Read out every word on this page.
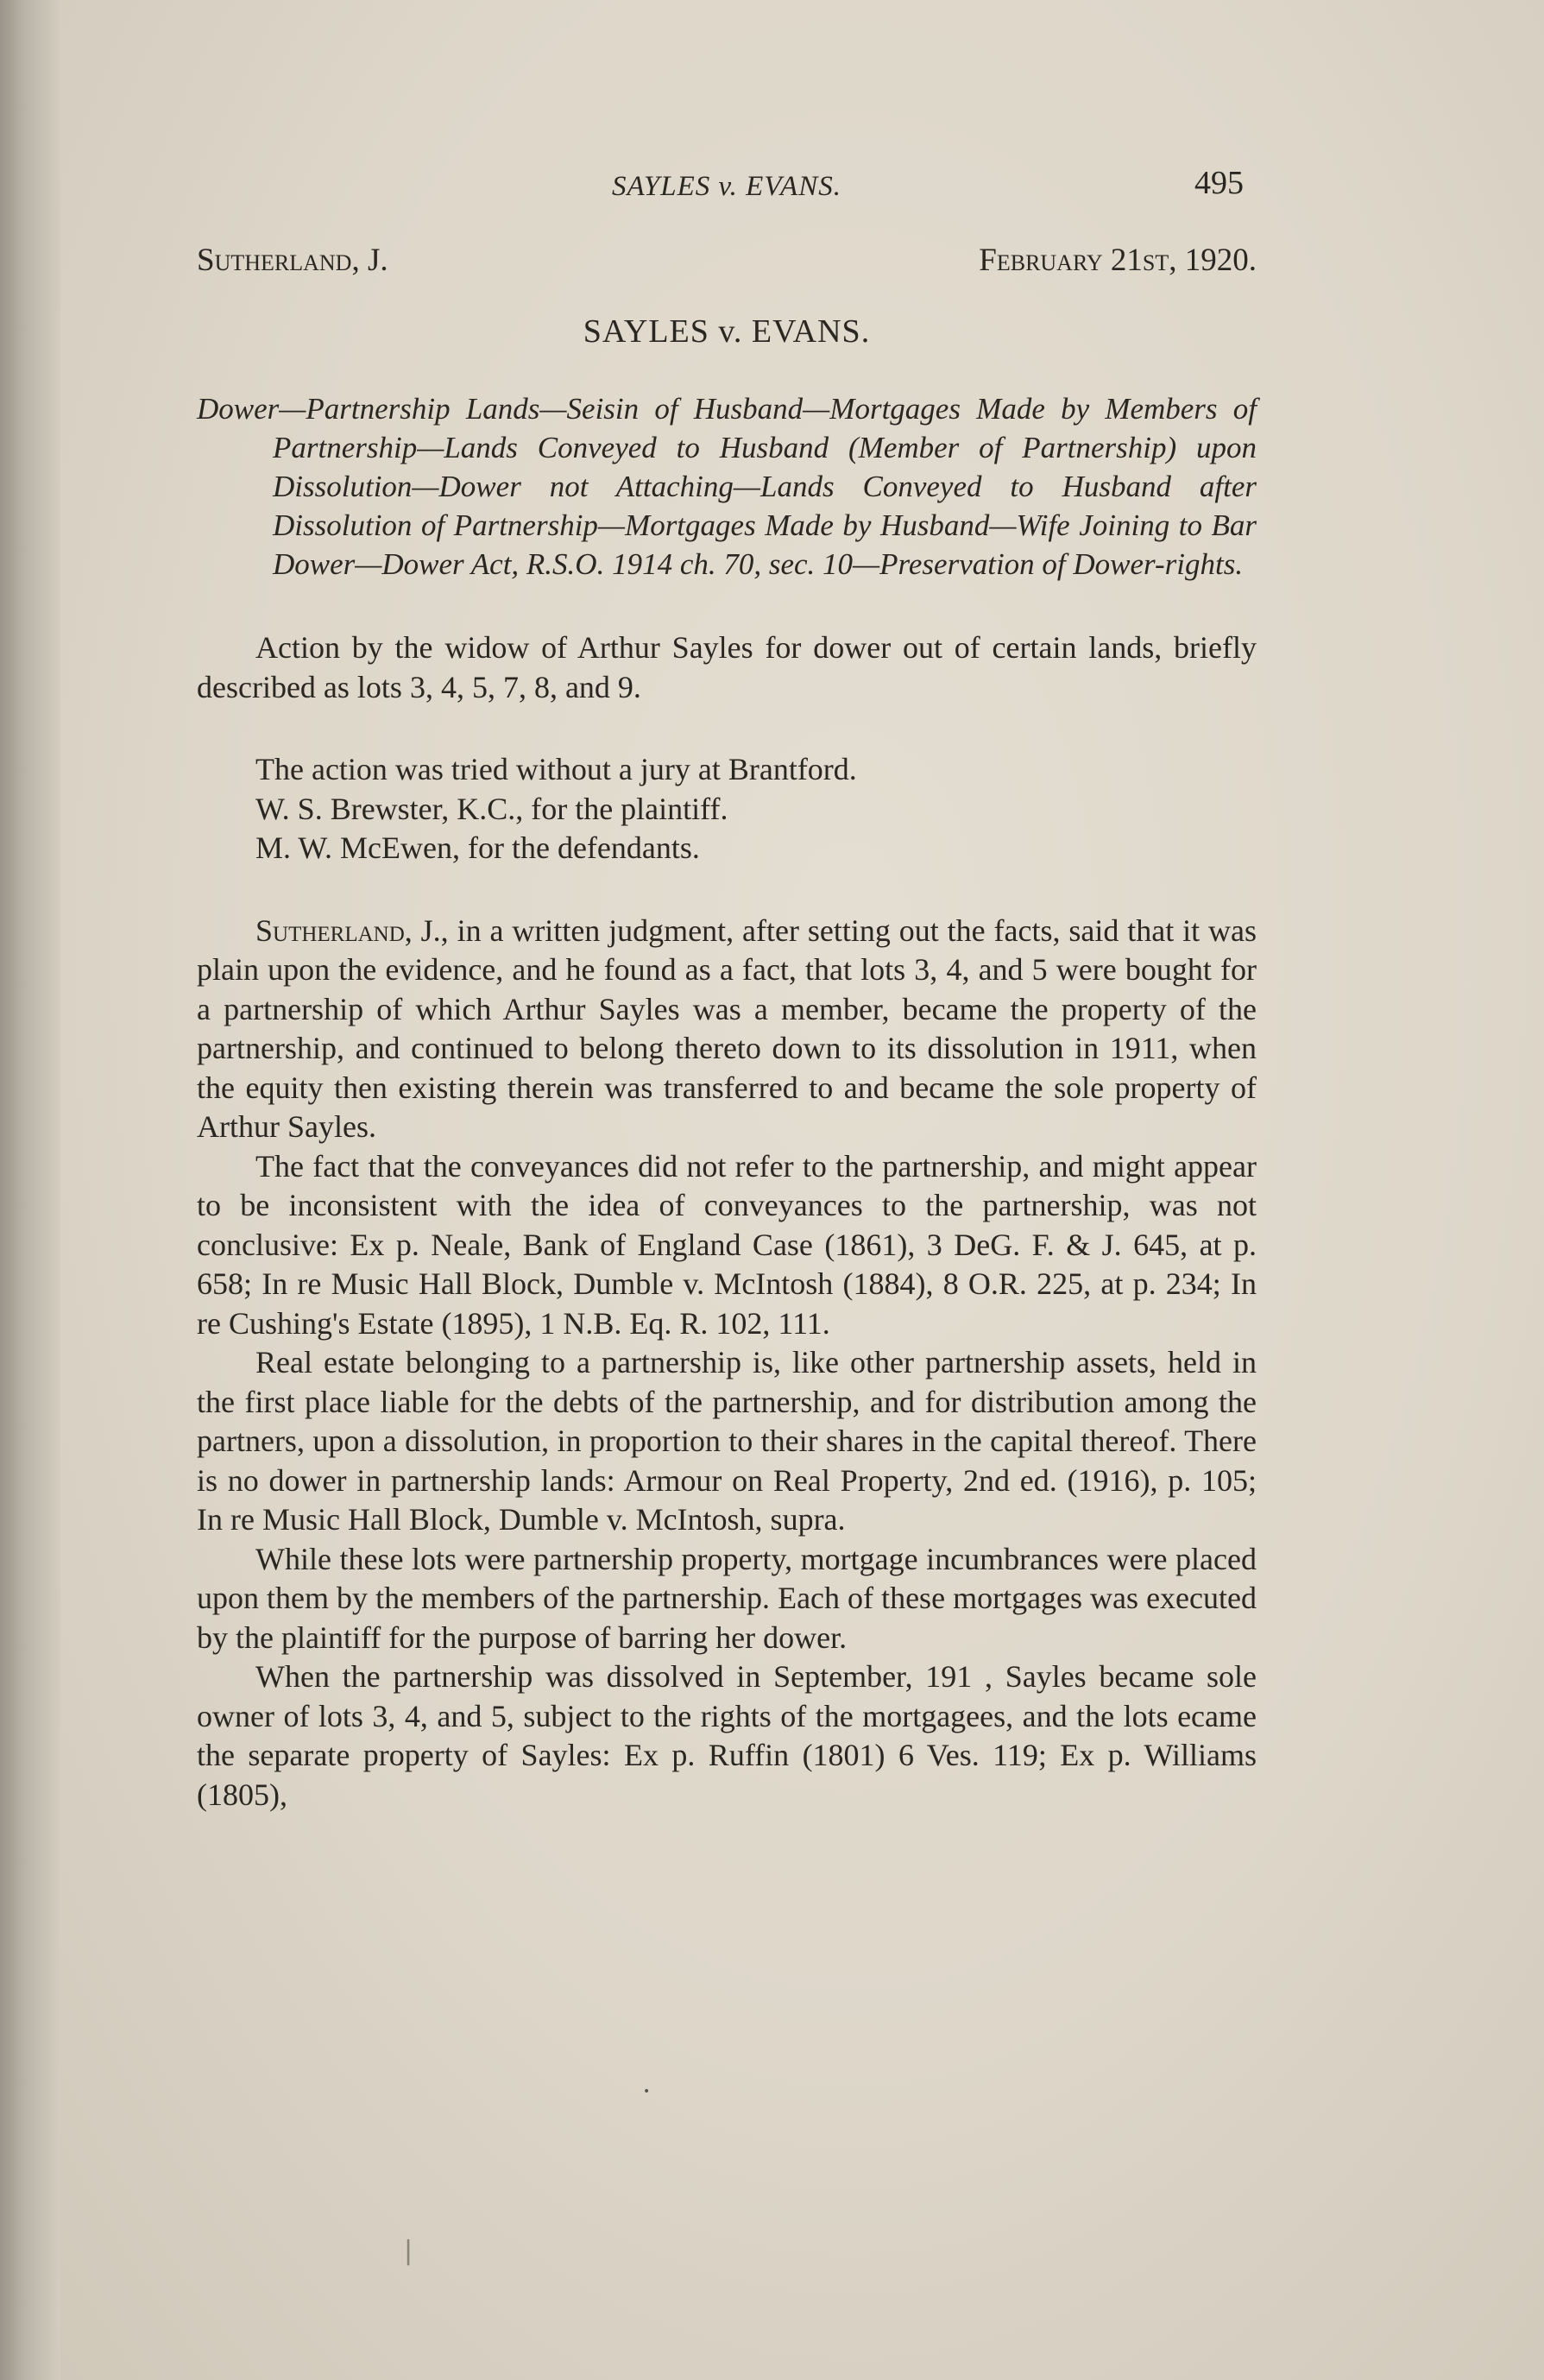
SAYLES v. EVANS.	495
Sutherland, J.	February 21st, 1920.
SAYLES v. EVANS.
Dower—Partnership Lands—Seisin of Husband—Mortgages Made by Members of Partnership—Lands Conveyed to Husband (Member of Partnership) upon Dissolution—Dower not Attaching—Lands Conveyed to Husband after Dissolution of Partnership—Mortgages Made by Husband—Wife Joining to Bar Dower—Dower Act, R.S.O. 1914 ch. 70, sec. 10—Preservation of Dower-rights.

Action by the widow of Arthur Sayles for dower out of certain lands, briefly described as lots 3, 4, 5, 7, 8, and 9.

The action was tried without a jury at Brantford.
W. S. Brewster, K.C., for the plaintiff.
M. W. McEwen, for the defendants.

Sutherland, J., in a written judgment, after setting out the facts, said that it was plain upon the evidence, and he found as a fact, that lots 3, 4, and 5 were bought for a partnership of which Arthur Sayles was a member, became the property of the partnership, and continued to belong thereto down to its dissolution in 1911, when the equity then existing therein was transferred to and became the sole property of Arthur Sayles.

The fact that the conveyances did not refer to the partnership, and might appear to be inconsistent with the idea of conveyances to the partnership, was not conclusive: Ex p. Neale, Bank of England Case (1861), 3 DeG. F. & J. 645, at p. 658; In re Music Hall Block, Dumble v. McIntosh (1884), 8 O.R. 225, at p. 234; In re Cushing's Estate (1895), 1 N.B. Eq. R. 102, 111.

Real estate belonging to a partnership is, like other partnership assets, held in the first place liable for the debts of the partnership, and for distribution among the partners, upon a dissolution, in proportion to their shares in the capital thereof. There is no dower in partnership lands: Armour on Real Property, 2nd ed. (1916), p. 105; In re Music Hall Block, Dumble v. McIntosh, supra.

While these lots were partnership property, mortgage incumbrances were placed upon them by the members of the partnership. Each of these mortgages was executed by the plaintiff for the purpose of barring her dower.

When the partnership was dissolved in September, 191 , Sayles became sole owner of lots 3, 4, and 5, subject to the rights of the mortgagees, and the lots ecame the separate property of Sayles: Ex p. Ruffin (1801) 6 Ves. 119; Ex p. Williams (1805),

•
|
